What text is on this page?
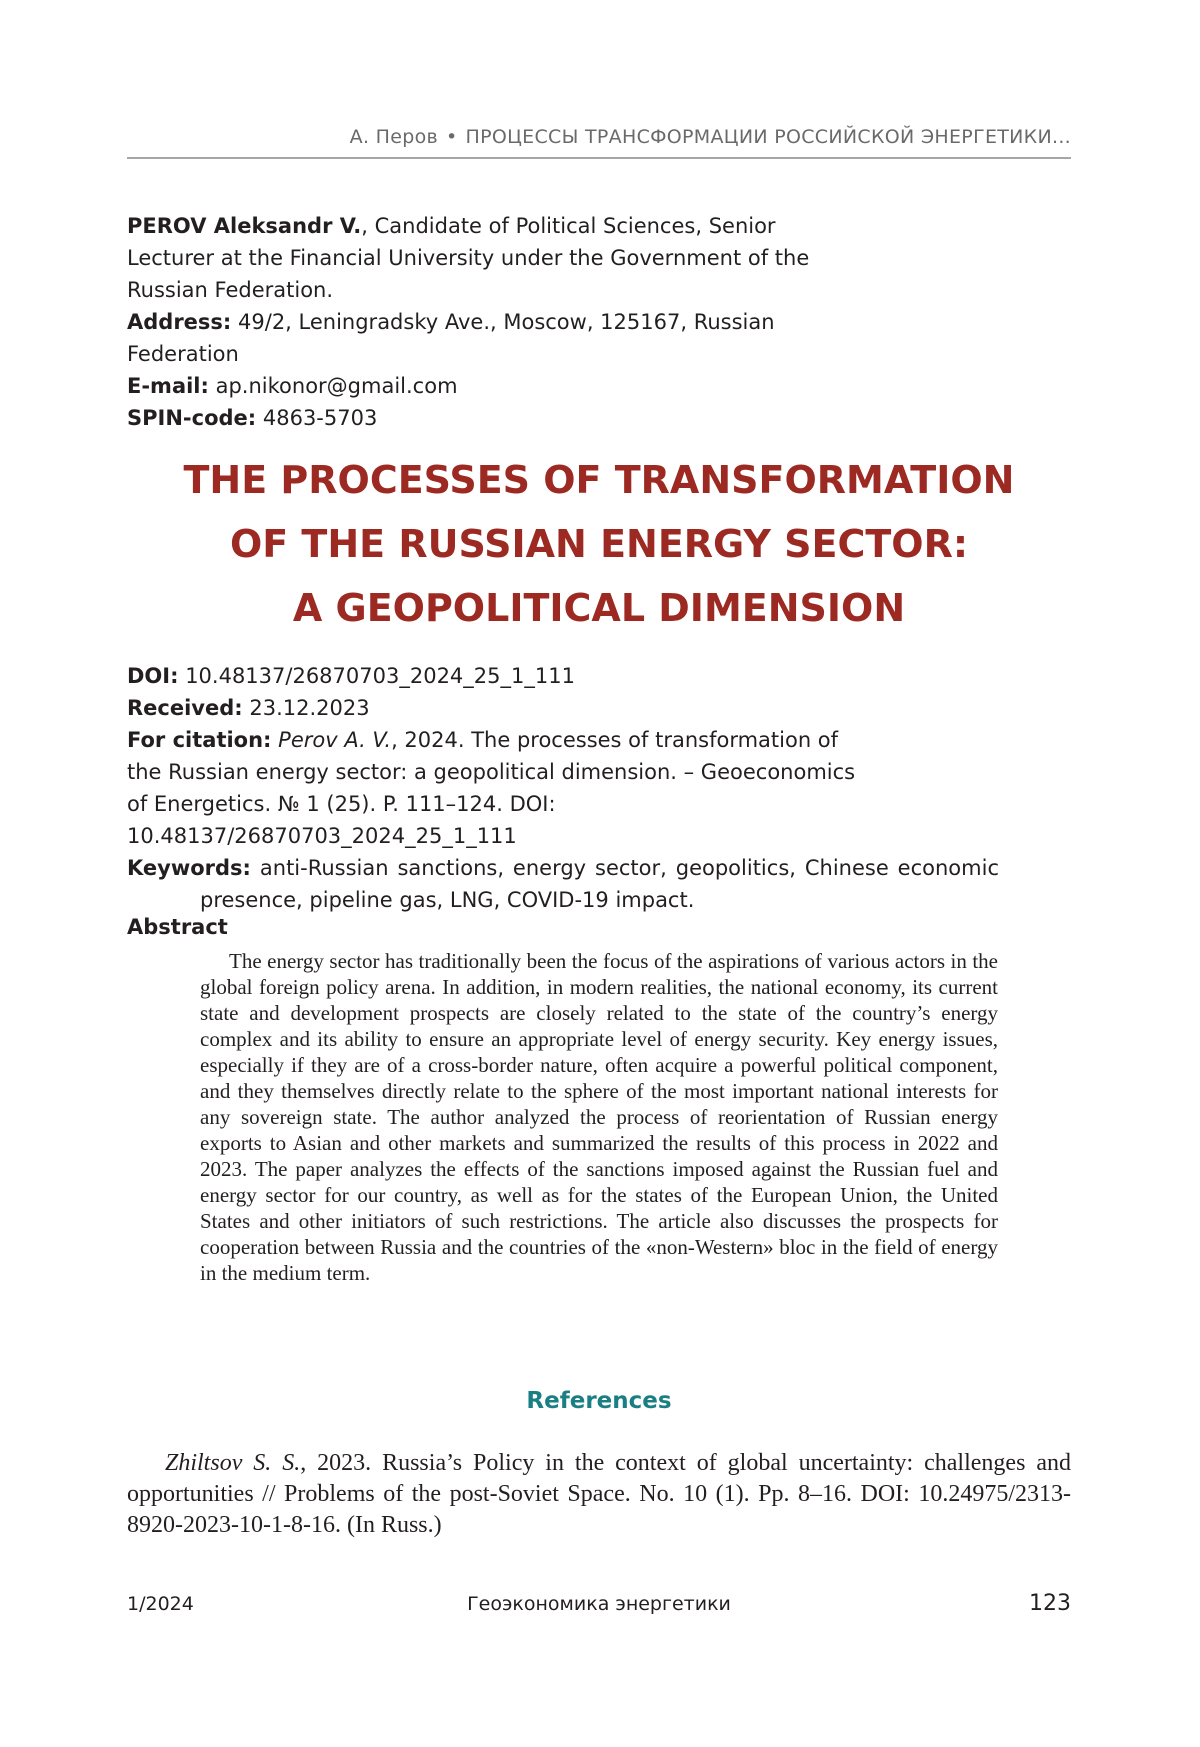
А. Перов • ПРОЦЕССЫ ТРАНСФОРМАЦИИ РОССИЙСКОЙ ЭНЕРГЕТИКИ...

PEROV Aleksandr V., Candidate of Political Sciences, Senior Lecturer at the Financial University under the Government of the Russian Federation.

Address: 49/2, Leningradsky Ave., Moscow, 125167, Russian Federation

E-mail: ap.nikonor@gmail.com

SPIN-code: 4863-5703

THE PROCESSES OF TRANSFORMATION
OF THE RUSSIAN ENERGY SECTOR:
A GEOPOLITICAL DIMENSION

DOI: 10.48137/26870703_2024_25_1_111

Received: 23.12.2023

For citation: Perov A. V., 2024. The processes of transformation of the Russian energy sector: a geopolitical dimension. – Geoeconomics of Energetics. № 1 (25). P. 111–124. DOI: 10.48137/26870703_2024_25_1_111

Keywords: anti-Russian sanctions, energy sector, geopolitics, Chinese economic presence, pipeline gas, LNG, COVID-19 impact.

Abstract

The energy sector has traditionally been the focus of the aspirations of various actors in the global foreign policy arena. In addition, in modern realities, the national economy, its current state and development prospects are closely related to the state of the country’s energy complex and its ability to ensure an appropriate level of energy security. Key energy issues, especially if they are of a cross-border nature, often acquire a powerful political component, and they themselves directly relate to the sphere of the most important national interests for any sovereign state. The author analyzed the process of reorientation of Russian energy exports to Asian and other markets and summarized the results of this process in 2022 and 2023. The paper analyzes the effects of the sanctions imposed against the Russian fuel and energy sector for our country, as well as for the states of the European Union, the United States and other initiators of such restrictions. The article also discusses the prospects for cooperation between Russia and the countries of the «non-Western» bloc in the field of energy in the medium term.

References

Zhiltsov S. S., 2023. Russia’s Policy in the context of global uncertainty: challenges and opportunities // Problems of the post-Soviet Space. No. 10 (1). Pp. 8–16. DOI: 10.24975/2313-8920-2023-10-1-8-16. (In Russ.)

1/2024	Геоэкономика энергетики	123
